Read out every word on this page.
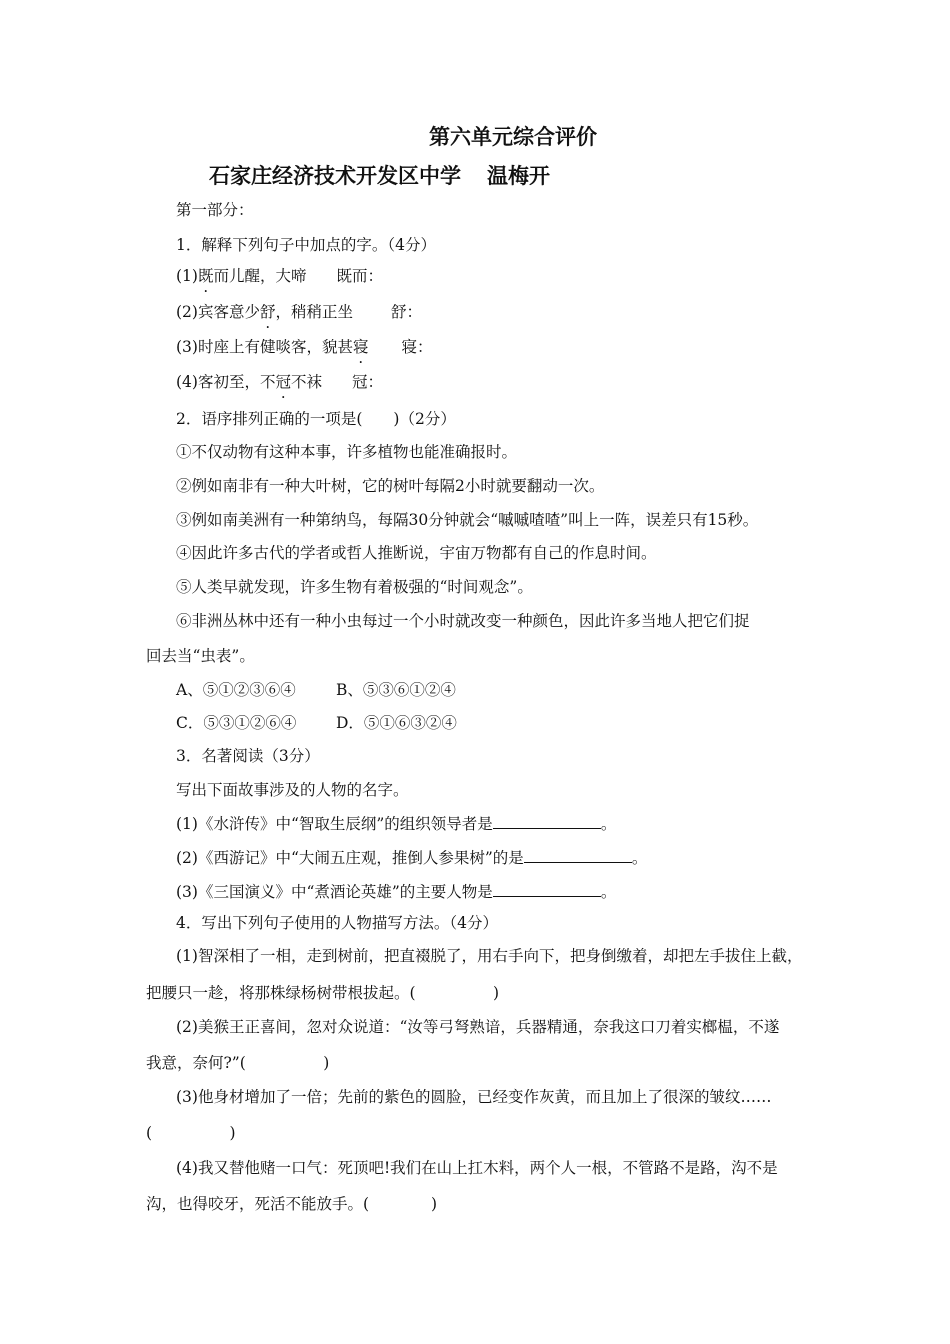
第六单元综合评价
石家庄经济技术开发区中学 温梅开
第一部分：
1．解释下列句子中加点的字。（4分）
(1)既而儿醒，大啼 既而：
(2)宾客意少舒，稍稍正坐 舒：
(3)时座上有健啖客，貌甚寝 寝：
(4)客初至，不冠不袜 冠：
2．语序排列正确的一项是(　　)（2分）
①不仅动物有这种本事，许多植物也能准确报时。
②例如南非有一种大叶树，它的树叶每隔2小时就要翻动一次。
③例如南美洲有一种第纳鸟，每隔30分钟就会“嘁嘁喳喳”叫上一阵，误差只有15秒。
④因此许多古代的学者或哲人推断说，宇宙万物都有自己的作息时间。
⑤人类早就发现，许多生物有着极强的“时间观念”。
⑥非洲丛林中还有一种小虫每过一个小时就改变一种颜色，因此许多当地人把它们捉
回去当“虫表”。
A、⑤①②③⑥④	B、⑤③⑥①②④
C．⑤③①②⑥④	D．⑤①⑥③②④
3．名著阅读（3分）
写出下面故事涉及的人物的名字。
(1)《水浒传》中“智取生辰纲”的组织领导者是	。
(2)《西游记》中“大闹五庄观，推倒人参果树”的是	。
(3)《三国演义》中“煮酒论英雄”的主要人物是	。
4．写出下列句子使用的人物描写方法。（4分）
(1)智深相了一相，走到树前，把直裰脱了，用右手向下，把身倒缴着，却把左手拔住上截，
把腰只一趁，将那株绿杨树带根拔起。(　　　　　)
(2)美猴王正喜间，忽对众说道：“汝等弓弩熟谙，兵器精通，奈我这口刀着实榔榅，不遂
我意，奈何?”(　　　　　)
(3)他身材增加了一倍；先前的紫色的圆脸，已经变作灰黄，而且加上了很深的皱纹……
(　　　　　)
(4)我又替他赌一口气：死顶吧!我们在山上扛木料，两个人一根，不管路不是路，沟不是
沟，也得咬牙，死活不能放手。(　　　　)
